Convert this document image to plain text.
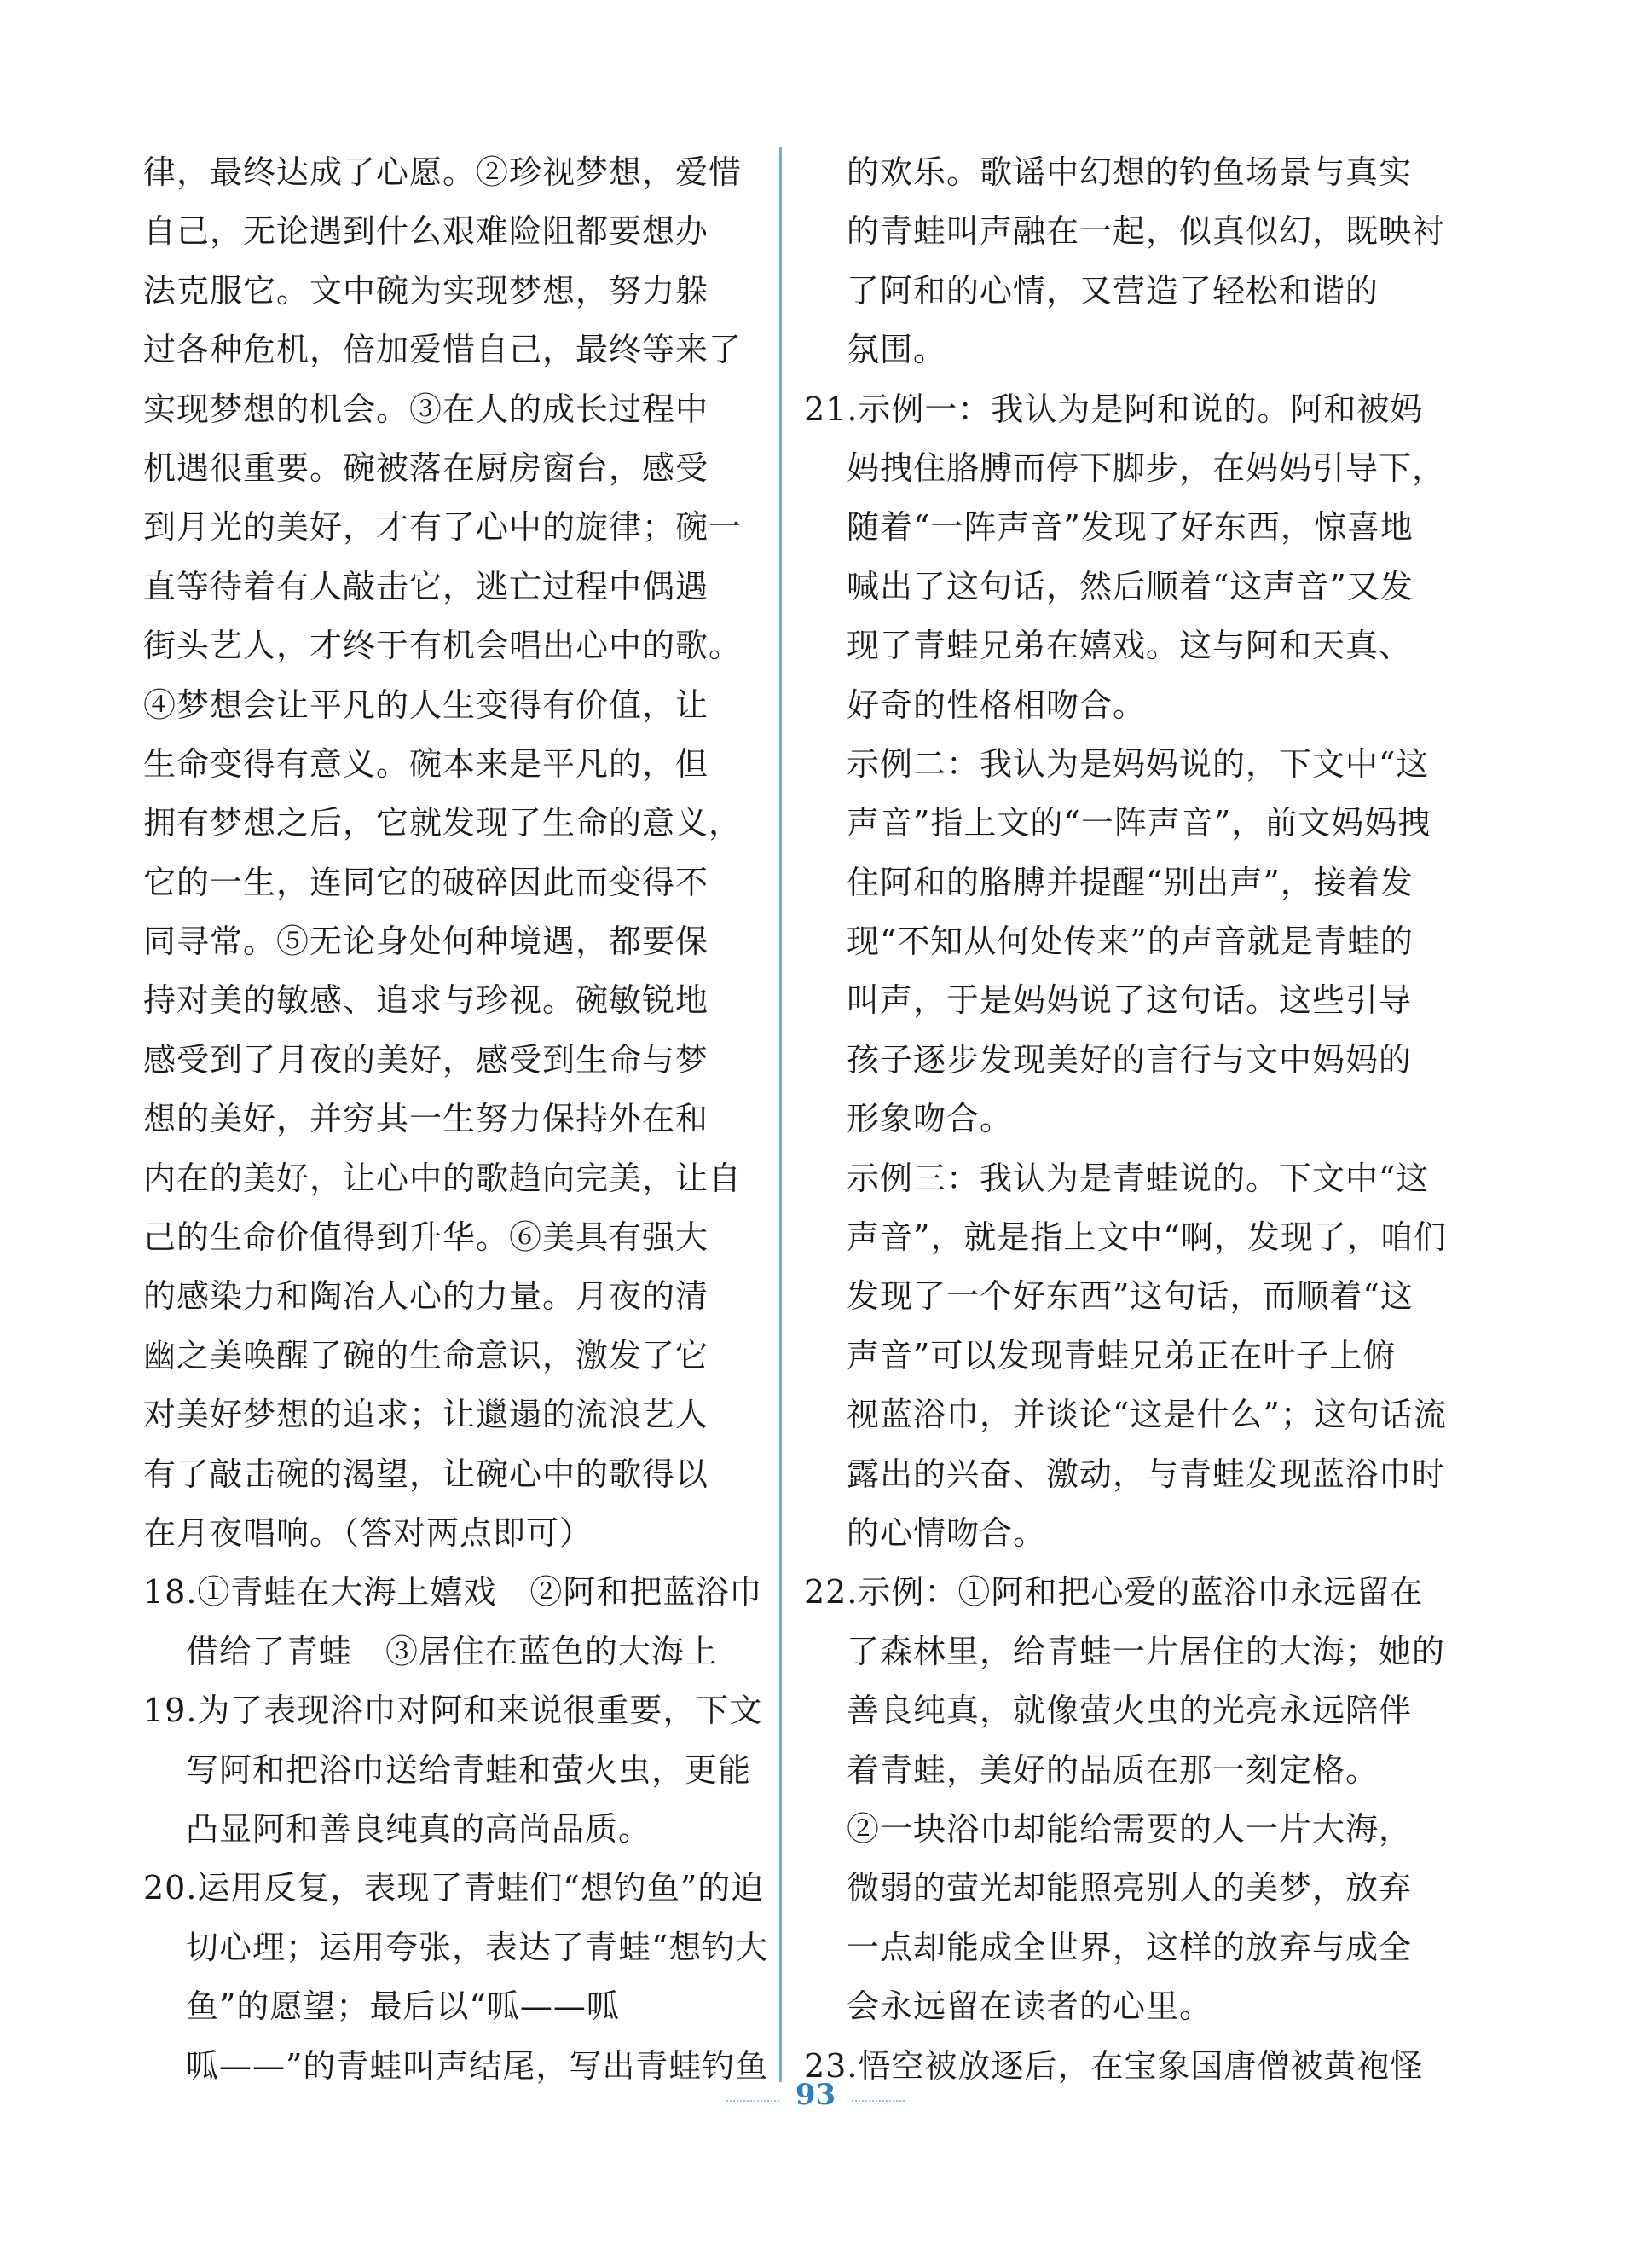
律，最终达成了心愿。②珍视梦想，爱惜
自己，无论遇到什么艰难险阻都要想办
法克服它。文中碗为实现梦想，努力躲
过各种危机，倍加爱惜自己，最终等来了
实现梦想的机会。③在人的成长过程中
机遇很重要。碗被落在厨房窗台，感受
到月光的美好，才有了心中的旋律；碗一
直等待着有人敲击它，逃亡过程中偶遇
街头艺人，才终于有机会唱出心中的歌。
④梦想会让平凡的人生变得有价值，让
生命变得有意义。碗本来是平凡的，但
拥有梦想之后，它就发现了生命的意义，
它的一生，连同它的破碎因此而变得不
同寻常。⑤无论身处何种境遇，都要保
持对美的敏感、追求与珍视。碗敏锐地
感受到了月夜的美好，感受到生命与梦
想的美好，并穷其一生努力保持外在和
内在的美好，让心中的歌趋向完美，让自
己的生命价值得到升华。⑥美具有强大
的感染力和陶冶人心的力量。月夜的清
幽之美唤醒了碗的生命意识，激发了它
对美好梦想的追求；让邋遢的流浪艺人
有了敲击碗的渴望，让碗心中的歌得以
在月夜唱响。（答对两点即可）
18.①青蛙在大海上嬉戏　②阿和把蓝浴巾
借给了青蛙　③居住在蓝色的大海上
19.为了表现浴巾对阿和来说很重要，下文
写阿和把浴巾送给青蛙和萤火虫，更能
凸显阿和善良纯真的高尚品质。
20.运用反复，表现了青蛙们“想钓鱼”的迫
切心理；运用夸张，表达了青蛙“想钓大
鱼”的愿望；最后以“呱——呱
呱——”的青蛙叫声结尾，写出青蛙钓鱼
的欢乐。歌谣中幻想的钓鱼场景与真实
的青蛙叫声融在一起，似真似幻，既映衬
了阿和的心情，又营造了轻松和谐的
氛围。
21.示例一：我认为是阿和说的。阿和被妈
妈拽住胳膊而停下脚步，在妈妈引导下，
随着“一阵声音”发现了好东西，惊喜地
喊出了这句话，然后顺着“这声音”又发
现了青蛙兄弟在嬉戏。这与阿和天真、
好奇的性格相吻合。
示例二：我认为是妈妈说的，下文中“这
声音”指上文的“一阵声音”，前文妈妈拽
住阿和的胳膊并提醒“别出声”，接着发
现“不知从何处传来”的声音就是青蛙的
叫声，于是妈妈说了这句话。这些引导
孩子逐步发现美好的言行与文中妈妈的
形象吻合。
示例三：我认为是青蛙说的。下文中“这
声音”，就是指上文中“啊，发现了，咱们
发现了一个好东西”这句话，而顺着“这
声音”可以发现青蛙兄弟正在叶子上俯
视蓝浴巾，并谈论“这是什么”；这句话流
露出的兴奋、激动，与青蛙发现蓝浴巾时
的心情吻合。
22.示例：①阿和把心爱的蓝浴巾永远留在
了森林里，给青蛙一片居住的大海；她的
善良纯真，就像萤火虫的光亮永远陪伴
着青蛙，美好的品质在那一刻定格。
②一块浴巾却能给需要的人一片大海，
微弱的萤光却能照亮别人的美梦，放弃
一点却能成全世界，这样的放弃与成全
会永远留在读者的心里。
23.悟空被放逐后，在宝象国唐僧被黄袍怪
93
